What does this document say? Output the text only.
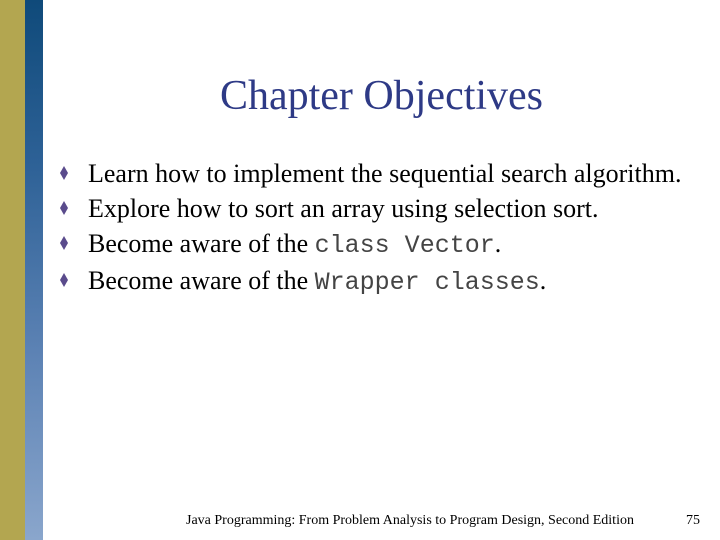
Chapter Objectives
Learn how to implement the sequential search algorithm.
Explore how to sort an array using selection sort.
Become aware of the class Vector.
Become aware of the Wrapper classes.
Java Programming: From Problem Analysis to Program Design, Second Edition	75
